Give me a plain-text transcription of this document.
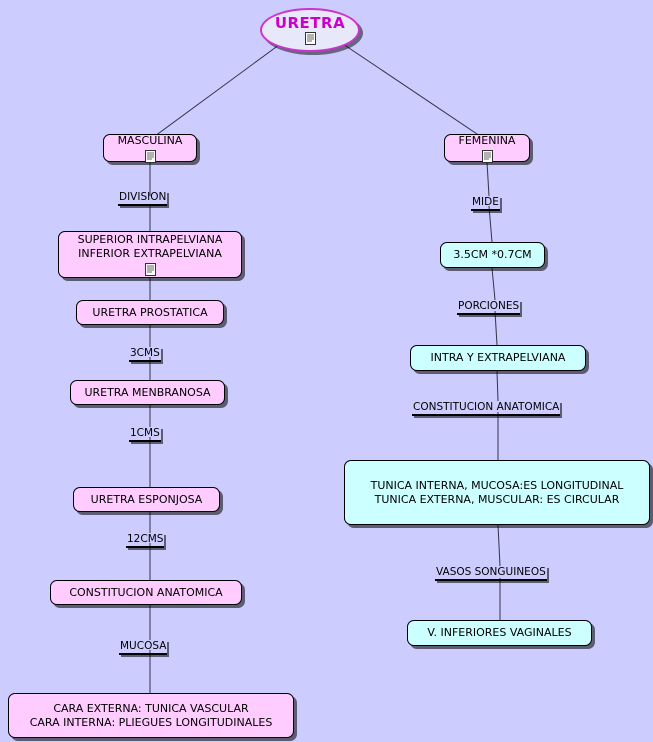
URETRA
MASCULINA
DIVISION
SUPERIOR INTRAPELVIANA
INFERIOR EXTRAPELVIANA
URETRA PROSTATICA
3CMS
URETRA MENBRANOSA
1CMS
URETRA ESPONJOSA
12CMS
CONSTITUCION ANATOMICA
MUCOSA
CARA EXTERNA: TUNICA VASCULAR
CARA INTERNA: PLIEGUES LONGITUDINALES
FEMENINA
MIDE
3.5CM *0.7CM
PORCIONES
INTRA Y EXTRAPELVIANA
CONSTITUCION ANATOMICA
TUNICA INTERNA, MUCOSA:ES LONGITUDINAL
TUNICA EXTERNA, MUSCULAR: ES CIRCULAR
VASOS SONGUINEOS
V. INFERIORES VAGINALES
